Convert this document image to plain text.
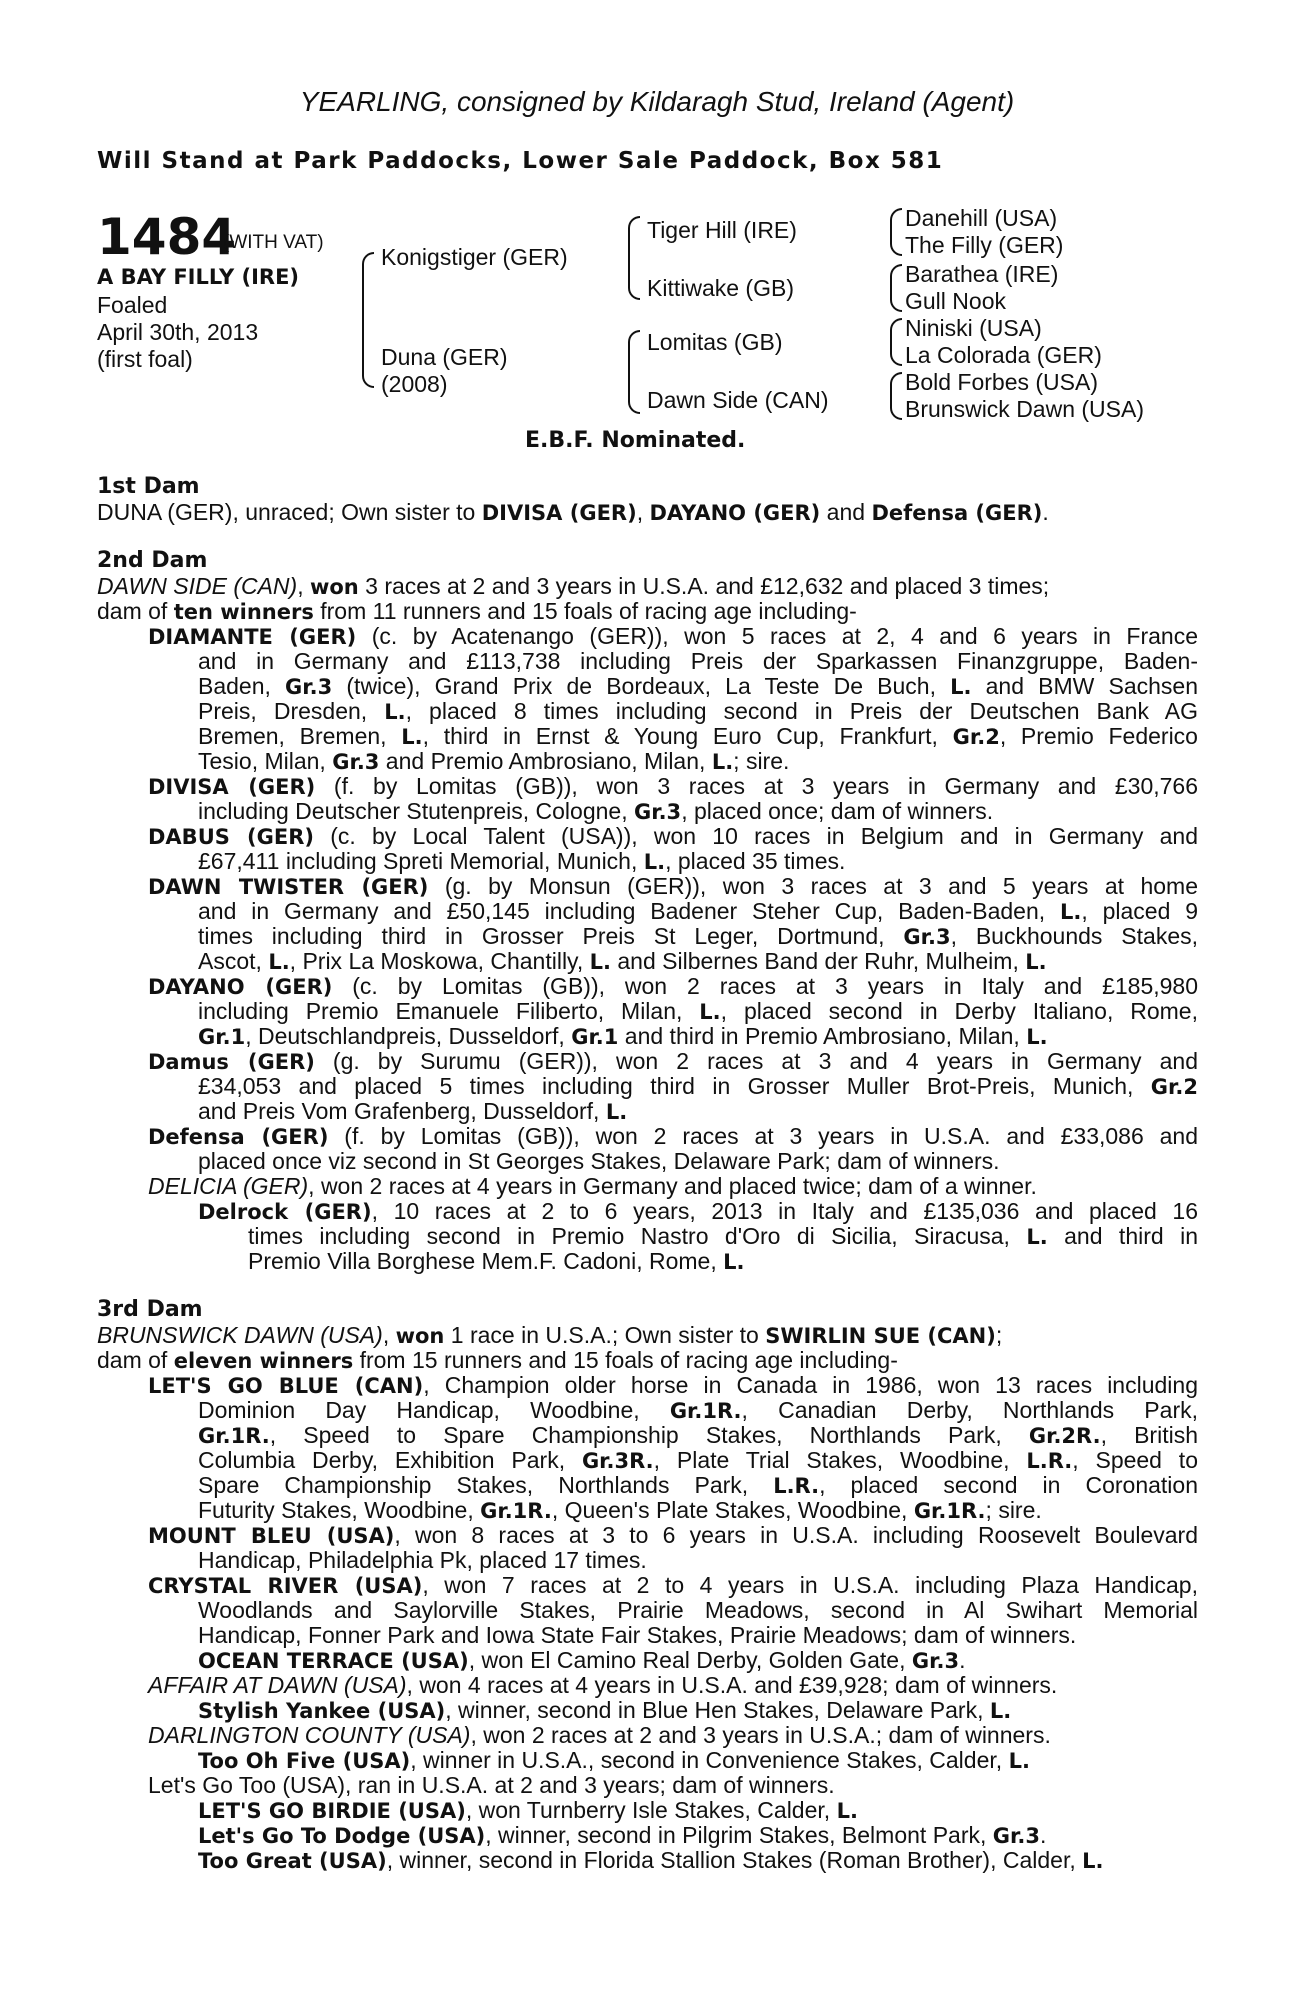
YEARLING, consigned by Kildaragh Stud, Ireland (Agent)
Will Stand at Park Paddocks, Lower Sale Paddock, Box 581
1484
(WITH VAT)
A BAY FILLY (IRE)
Foaled
April 30th, 2013
(first foal)
Konigstiger (GER)
Duna (GER)
(2008)
Tiger Hill (IRE)
Kittiwake (GB)
Lomitas (GB)
Dawn Side (CAN)
Danehill (USA)
The Filly (GER)
Barathea (IRE)
Gull Nook
Niniski (USA)
La Colorada (GER)
Bold Forbes (USA)
Brunswick Dawn (USA)
E.B.F. Nominated.
1st Dam
DUNA (GER), unraced; Own sister to DIVISA (GER), DAYANO (GER) and Defensa (GER).
2nd Dam
DAWN SIDE (CAN), won 3 races at 2 and 3 years in U.S.A. and £12,632 and placed 3 times;
dam of ten winners from 11 runners and 15 foals of racing age including-
DIAMANTE (GER) (c. by Acatenango (GER)), won 5 races at 2, 4 and 6 years in France
and in Germany and £113,738 including Preis der Sparkassen Finanzgruppe, Baden-
Baden, Gr.3 (twice), Grand Prix de Bordeaux, La Teste De Buch, L. and BMW Sachsen
Preis, Dresden, L., placed 8 times including second in Preis der Deutschen Bank AG
Bremen, Bremen, L., third in Ernst & Young Euro Cup, Frankfurt, Gr.2, Premio Federico
Tesio, Milan, Gr.3 and Premio Ambrosiano, Milan, L.; sire.
DIVISA (GER) (f. by Lomitas (GB)), won 3 races at 3 years in Germany and £30,766
including Deutscher Stutenpreis, Cologne, Gr.3, placed once; dam of winners.
DABUS (GER) (c. by Local Talent (USA)), won 10 races in Belgium and in Germany and
£67,411 including Spreti Memorial, Munich, L., placed 35 times.
DAWN TWISTER (GER) (g. by Monsun (GER)), won 3 races at 3 and 5 years at home
and in Germany and £50,145 including Badener Steher Cup, Baden-Baden, L., placed 9
times including third in Grosser Preis St Leger, Dortmund, Gr.3, Buckhounds Stakes,
Ascot, L., Prix La Moskowa, Chantilly, L. and Silbernes Band der Ruhr, Mulheim, L.
DAYANO (GER) (c. by Lomitas (GB)), won 2 races at 3 years in Italy and £185,980
including Premio Emanuele Filiberto, Milan, L., placed second in Derby Italiano, Rome,
Gr.1, Deutschlandpreis, Dusseldorf, Gr.1 and third in Premio Ambrosiano, Milan, L.
Damus (GER) (g. by Surumu (GER)), won 2 races at 3 and 4 years in Germany and
£34,053 and placed 5 times including third in Grosser Muller Brot-Preis, Munich, Gr.2
and Preis Vom Grafenberg, Dusseldorf, L.
Defensa (GER) (f. by Lomitas (GB)), won 2 races at 3 years in U.S.A. and £33,086 and
placed once viz second in St Georges Stakes, Delaware Park; dam of winners.
DELICIA (GER), won 2 races at 4 years in Germany and placed twice; dam of a winner.
Delrock (GER), 10 races at 2 to 6 years, 2013 in Italy and £135,036 and placed 16
times including second in Premio Nastro d'Oro di Sicilia, Siracusa, L. and third in
Premio Villa Borghese Mem.F. Cadoni, Rome, L.
3rd Dam
BRUNSWICK DAWN (USA), won 1 race in U.S.A.; Own sister to SWIRLIN SUE (CAN);
dam of eleven winners from 15 runners and 15 foals of racing age including-
LET'S GO BLUE (CAN), Champion older horse in Canada in 1986, won 13 races including
Dominion Day Handicap, Woodbine, Gr.1R., Canadian Derby, Northlands Park,
Gr.1R., Speed to Spare Championship Stakes, Northlands Park, Gr.2R., British
Columbia Derby, Exhibition Park, Gr.3R., Plate Trial Stakes, Woodbine, L.R., Speed to
Spare Championship Stakes, Northlands Park, L.R., placed second in Coronation
Futurity Stakes, Woodbine, Gr.1R., Queen's Plate Stakes, Woodbine, Gr.1R.; sire.
MOUNT BLEU (USA), won 8 races at 3 to 6 years in U.S.A. including Roosevelt Boulevard
Handicap, Philadelphia Pk, placed 17 times.
CRYSTAL RIVER (USA), won 7 races at 2 to 4 years in U.S.A. including Plaza Handicap,
Woodlands and Saylorville Stakes, Prairie Meadows, second in Al Swihart Memorial
Handicap, Fonner Park and Iowa State Fair Stakes, Prairie Meadows; dam of winners.
OCEAN TERRACE (USA), won El Camino Real Derby, Golden Gate, Gr.3.
AFFAIR AT DAWN (USA), won 4 races at 4 years in U.S.A. and £39,928; dam of winners.
Stylish Yankee (USA), winner, second in Blue Hen Stakes, Delaware Park, L.
DARLINGTON COUNTY (USA), won 2 races at 2 and 3 years in U.S.A.; dam of winners.
Too Oh Five (USA), winner in U.S.A., second in Convenience Stakes, Calder, L.
Let's Go Too (USA), ran in U.S.A. at 2 and 3 years; dam of winners.
LET'S GO BIRDIE (USA), won Turnberry Isle Stakes, Calder, L.
Let's Go To Dodge (USA), winner, second in Pilgrim Stakes, Belmont Park, Gr.3.
Too Great (USA), winner, second in Florida Stallion Stakes (Roman Brother), Calder, L.
